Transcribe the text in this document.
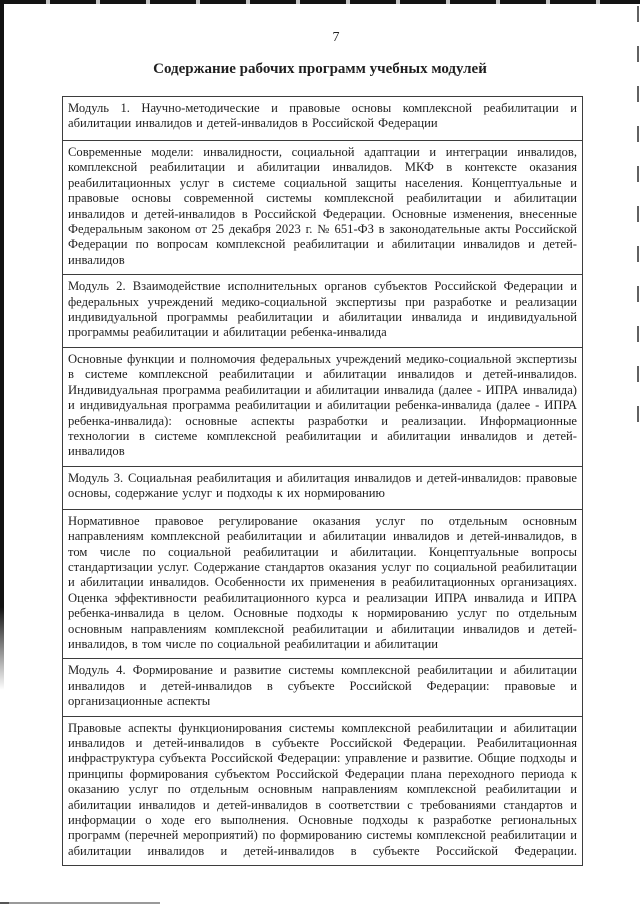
7
Содержание рабочих программ учебных модулей
Модуль 1. Научно-методические и правовые основы комплексной реабилитации и абилитации инвалидов и детей-инвалидов в Российской Федерации
Современные модели: инвалидности, социальной адаптации и интеграции инвалидов, комплексной реабилитации и абилитации инвалидов. МКФ в контексте оказания реабилитационных услуг в системе социальной защиты населения. Концептуальные и правовые основы современной системы комплексной реабилитации и абилитации инвалидов и детей-инвалидов в Российской Федерации. Основные изменения, внесенные Федеральным законом от 25 декабря 2023 г. № 651-ФЗ в законодательные акты Российской Федерации по вопросам комплексной реабилитации и абилитации инвалидов и детей-инвалидов
Модуль 2. Взаимодействие исполнительных органов субъектов Российской Федерации и федеральных учреждений медико-социальной экспертизы при разработке и реализации индивидуальной программы реабилитации и абилитации инвалида и индивидуальной программы реабилитации и абилитации ребенка-инвалида
Основные функции и полномочия федеральных учреждений медико-социальной экспертизы в системе комплексной реабилитации и абилитации инвалидов и детей-инвалидов. Индивидуальная программа реабилитации и абилитации инвалида (далее - ИПРА инвалида) и индивидуальная программа реабилитации и абилитации ребенка-инвалида (далее - ИПРА ребенка-инвалида): основные аспекты разработки и реализации. Информационные технологии в системе комплексной реабилитации и абилитации инвалидов и детей-инвалидов
Модуль 3. Социальная реабилитация и абилитация инвалидов и детей-инвалидов: правовые основы, содержание услуг и подходы к их нормированию
Нормативное правовое регулирование оказания услуг по отдельным основным направлениям комплексной реабилитации и абилитации инвалидов и детей-инвалидов, в том числе по социальной реабилитации и абилитации. Концептуальные вопросы стандартизации услуг. Содержание стандартов оказания услуг по социальной реабилитации и абилитации инвалидов. Особенности их применения в реабилитационных организациях. Оценка эффективности реабилитационного курса и реализации ИПРА инвалида и ИПРА ребенка-инвалида в целом. Основные подходы к нормированию услуг по отдельным основным направлениям комплексной реабилитации и абилитации инвалидов и детей-инвалидов, в том числе по социальной реабилитации и абилитации
Модуль 4. Формирование и развитие системы комплексной реабилитации и абилитации инвалидов и детей-инвалидов в субъекте Российской Федерации: правовые и организационные аспекты
Правовые аспекты функционирования системы комплексной реабилитации и абилитации инвалидов и детей-инвалидов в субъекте Российской Федерации. Реабилитационная инфраструктура субъекта Российской Федерации: управление и развитие. Общие подходы и принципы формирования субъектом Российской Федерации плана переходного периода к оказанию услуг по отдельным основным направлениям комплексной реабилитации и абилитации инвалидов и детей-инвалидов в соответствии с требованиями стандартов и информации о ходе его выполнения. Основные подходы к разработке региональных программ (перечней мероприятий) по формированию системы комплексной реабилитации и абилитации инвалидов и детей-инвалидов в субъекте Российской Федерации.
